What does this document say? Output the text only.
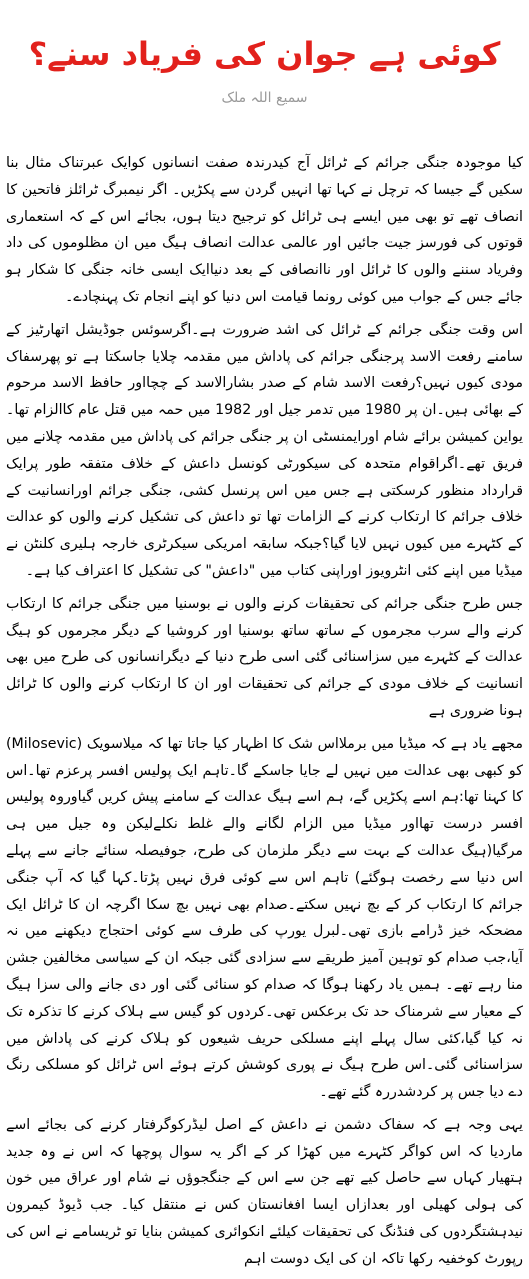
کوئی ہے جوان کی فریاد سنے؟
سمیع اللہ ملک

کیا موجودہ جنگی جرائم کے ٹرائل آج کیدرندہ صفت انسانوں کوایک عبرتناک مثال بنا سکیں گے جیسا کہ ترچل نے کہا تھا انہیں گردن سے پکڑیں۔ اگر نیمبرگ ٹرائلز فاتحین کا انصاف تھے تو بھی میں ایسے ہی ٹرائل کو ترجیح دیتا ہوں، بجائے اس کے کہ استعماری قوتوں کی فورسز جیت جائیں اور عالمی عدالت انصاف ہیگ میں ان مظلوموں کی داد وفریاد سننے والوں کا ٹرائل اور ناانصافی کے بعد دنیاایک ایسی خانہ جنگی کا شکار ہو جائے جس کے جواب میں کوئی رونما قیامت اس دنیا کو اپنے انجام تک پہنچادے۔

اس وقت جنگی جرائم کے ٹرائل کی اشد ضرورت ہے۔اگرسوئس جوڈیشل اتھارٹیز کے سامنے رفعت الاسد پرجنگی جرائم کی پاداش میں مقدمہ چلایا جاسکتا ہے تو پھرسفاک مودی کیوں نہیں؟رفعت الاسد شام کے صدر بشارالاسد کے چچااور حافظ الاسد مرحوم کے بھائی ہیں۔ان پر 1980 میں تدمر جیل اور 1982 میں حمہ میں قتل عام کاالزام تھا۔یواین کمیشن برائے شام اورایمنسٹی ان پر جنگی جرائم کی پاداش میں مقدمہ چلانے میں فریق تھے۔اگراقوام متحدہ کی سیکورٹی کونسل داعش کے خلاف متفقہ طور پرایک قرارداد منظور کرسکتی ہے جس میں اس پرنسل کشی، جنگی جرائم اورانسانیت کے خلاف جرائم کا ارتکاب کرنے کے الزامات تھا تو داعش کی تشکیل کرنے والوں کو عدالت کے کٹہرے میں کیوں نہیں لایا گیا؟جبکہ سابقہ امریکی سیکرٹری خارجہ ہلیری کلنٹن نے میڈیا میں اپنے کئی انٹرویوز اوراپنی کتاب میں "داعش" کی تشکیل کا اعتراف کیا ہے۔

جس طرح جنگی جرائم کی تحقیقات کرنے والوں نے بوسنیا میں جنگی جرائم کا ارتکاب کرنے والے سرب مجرموں کے ساتھ ساتھ بوسنیا اور کروشیا کے دیگر مجرموں کو ہیگ عدالت کے کٹہرے میں سزاسنائی گئی اسی طرح دنیا کے دیگرانسانوں کی طرح میں بھی انسانیت کے خلاف مودی کے جرائم کی تحقیقات اور ان کا ارتکاب کرنے والوں کا ٹرائل ہونا ضروری ہے

مجھے یاد ہے کہ میڈیا میں برملااس شک کا اظہار کیا جاتا تھا کہ میلاسویک (Milosevic) کو کبھی بھی عدالت میں نہیں لے جایا جاسکے گا۔تاہم ایک پولیس افسر پرعزم تھا۔اس کا کہنا تھا:ہم اسے پکڑیں گے، ہم اسے ہیگ عدالت کے سامنے پیش کریں گیاوروہ پولیس افسر درست تھااور میڈیا میں الزام لگانے والے غلط نکلےلیکن وہ جیل میں ہی مرگیا(ہیگ عدالت کے بہت سے دیگر ملزمان کی طرح، جوفیصلہ سنائے جانے سے پہلے اس دنیا سے رخصت ہوگئے) تاہم اس سے کوئی فرق نہیں پڑتا۔کہا گیا کہ آپ جنگی جرائم کا ارتکاب کر کے بچ نہیں سکتے۔صدام بھی نہیں بچ سکا اگرچہ ان کا ٹرائل ایک مضحکہ خیز ڈرامے بازی تھی۔لبرل یورپ کی طرف سے کوئی احتجاج دیکھنے میں نہ آیا،جب صدام کو توہین آمیز طریقے سے سزادی گئی جبکہ ان کے سیاسی مخالفین جشن منا رہے تھے۔ ہمیں یاد رکھنا ہوگا کہ صدام کو سنائی گئی اور دی جانے والی سزا ہیگ کے معیار سے شرمناک حد تک برعکس تھی۔کردوں کو گیس سے ہلاک کرنے کا تذکرہ تک نہ کیا گیا،کئی سال پہلے اپنے مسلکی حریف شیعوں کو ہلاک کرنے کی پاداش میں سزاسنائی گئی۔اس طرح ہیگ نے پوری کوشش کرتے ہوئے اس ٹرائل کو مسلکی رنگ دے دیا جس پر کردشدررہ گئے تھے۔

یہی وجہ ہے کہ سفاک دشمن نے داعش کے اصل لیڈرکوگرفتار کرنے کی بجائے اسے ماردیا کہ اس کواگر کٹہرے میں کھڑا کر کے اگر یہ سوال پوچھا کہ اس نے وہ جدید ہتھیار کہاں سے حاصل کیے تھے جن سے اس کے جنگجوؤں نے شام اور عراق میں خون کی ہولی کھیلی اور بعدازاں ایسا افغانستان کس نے منتقل کیا۔ جب ڈیوڈ کیمرون نیدہشتگردوں کی فنڈنگ کی تحقیقات کیلئے انکوائری کمیشن بنایا تو ٹریسامے نے اس کی رپورٹ کوخفیہ رکھا تاکہ ان کی ایک دوست اہم
